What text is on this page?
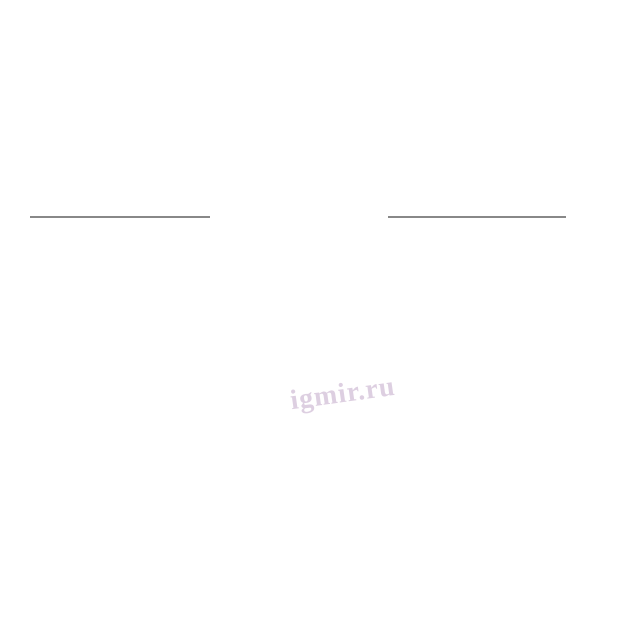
igmir.ru
